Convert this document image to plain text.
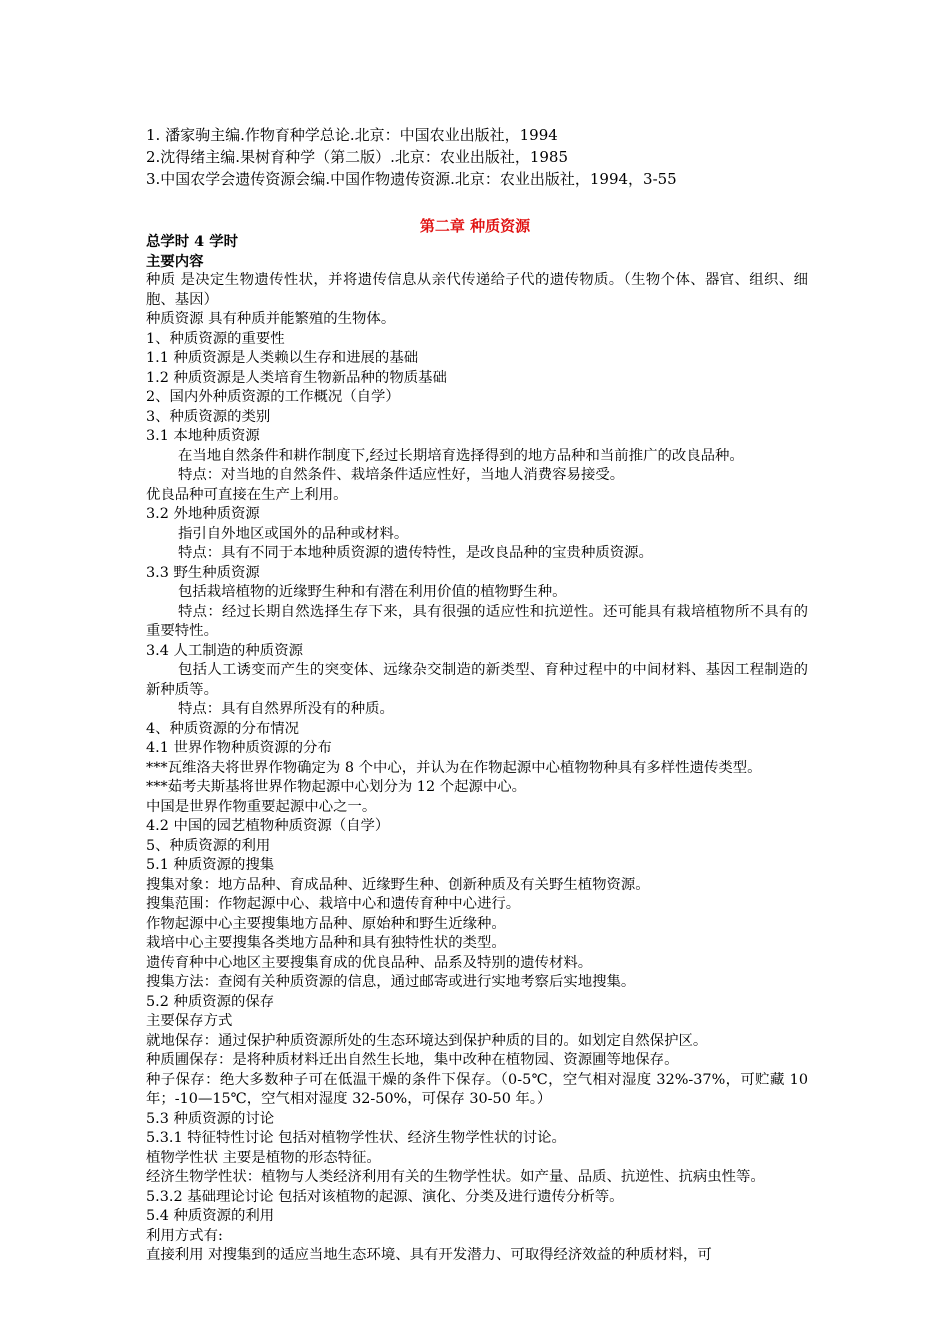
1. 潘家驹主编.作物育种学总论.北京：中国农业出版社，1994
2.沈得绪主编.果树育种学（第二版）.北京：农业出版社，1985
3.中国农学会遗传资源会编.中国作物遗传资源.北京：农业出版社，1994，3-55
第二章 种质资源

总学时 4 学时

主要内容

种质 是决定生物遗传性状，并将遗传信息从亲代传递给子代的遗传物质。（生物个体、器官、组织、细胞、基因）

种质资源 具有种质并能繁殖的生物体。

1、种质资源的重要性

1.1 种质资源是人类赖以生存和进展的基础

1.2 种质资源是人类培育生物新品种的物质基础

2、国内外种质资源的工作概况（自学）

3、种质资源的类别

3.1 本地种质资源

在当地自然条件和耕作制度下,经过长期培育选择得到的地方品种和当前推广的改良品种。

特点：对当地的自然条件、栽培条件适应性好，当地人消费容易接受。

优良品种可直接在生产上利用。

3.2 外地种质资源

指引自外地区或国外的品种或材料。

特点：具有不同于本地种质资源的遗传特性，是改良品种的宝贵种质资源。

3.3 野生种质资源

包括栽培植物的近缘野生种和有潜在利用价值的植物野生种。

特点：经过长期自然选择生存下来，具有很强的适应性和抗逆性。还可能具有栽培植物所不具有的重要特性。

3.4 人工制造的种质资源

包括人工诱变而产生的突变体、远缘杂交制造的新类型、育种过程中的中间材料、基因工程制造的新种质等。

特点：具有自然界所没有的种质。

4、种质资源的分布情况

4.1 世界作物种质资源的分布

***瓦维洛夫将世界作物确定为 8 个中心，并认为在作物起源中心植物物种具有多样性遗传类型。

***茹考夫斯基将世界作物起源中心划分为 12 个起源中心。

中国是世界作物重要起源中心之一。

4.2 中国的园艺植物种质资源（自学）

5、种质资源的利用

5.1 种质资源的搜集

搜集对象：地方品种、育成品种、近缘野生种、创新种质及有关野生植物资源。

搜集范围：作物起源中心、栽培中心和遗传育种中心进行。

作物起源中心主要搜集地方品种、原始种和野生近缘种。

栽培中心主要搜集各类地方品种和具有独特性状的类型。

遗传育种中心地区主要搜集育成的优良品种、品系及特别的遗传材料。

搜集方法：查阅有关种质资源的信息，通过邮寄或进行实地考察后实地搜集。

5.2 种质资源的保存

主要保存方式

就地保存：通过保护种质资源所处的生态环境达到保护种质的目的。如划定自然保护区。

种质圃保存：是将种质材料迁出自然生长地，集中改种在植物园、资源圃等地保存。

种子保存：绝大多数种子可在低温干燥的条件下保存。（0-5℃，空气相对湿度 32%-37%，可贮藏 10 年；-10—15℃，空气相对湿度 32-50%，可保存 30-50 年。）

5.3 种质资源的讨论

5.3.1 特征特性讨论 包括对植物学性状、经济生物学性状的讨论。

植物学性状 主要是植物的形态特征。

经济生物学性状：植物与人类经济利用有关的生物学性状。如产量、品质、抗逆性、抗病虫性等。

5.3.2 基础理论讨论 包括对该植物的起源、演化、分类及进行遗传分析等。

5.4 种质资源的利用

利用方式有:

直接利用 对搜集到的适应当地生态环境、具有开发潜力、可取得经济效益的种质材料，可
